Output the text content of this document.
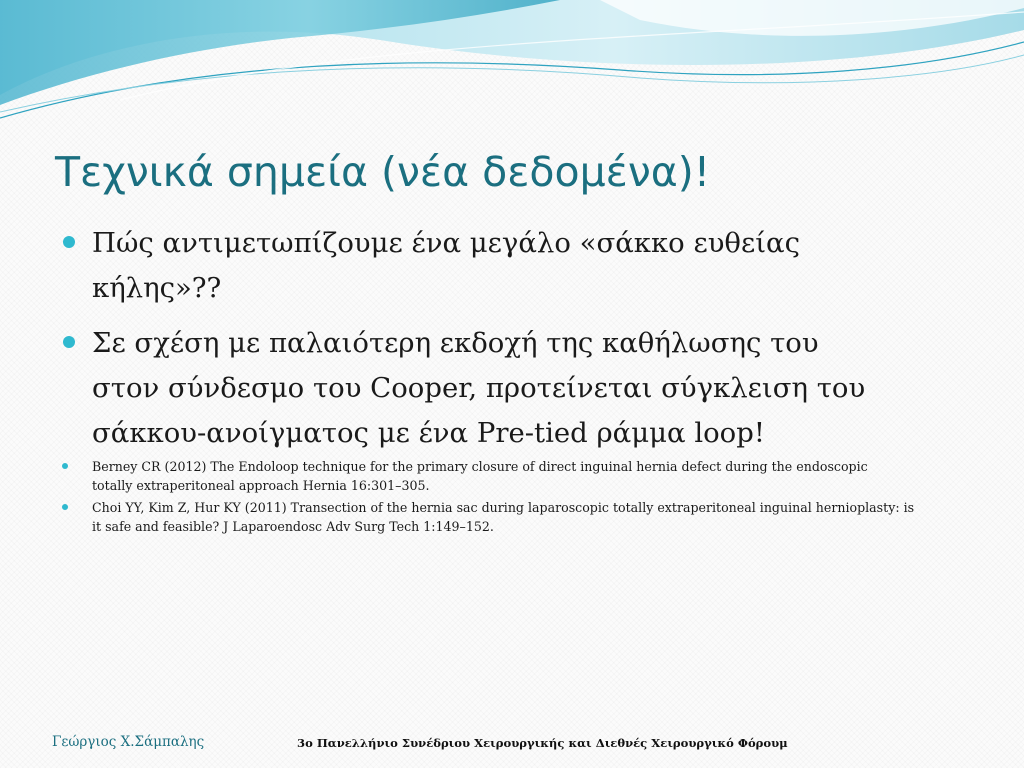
Τεχνικά σημεία (νέα δεδομένα)!

Πώς αντιμετωπίζουμε ένα μεγάλο «σάκκο ευθείας
κήλης»??

Σε σχέση με παλαιότερη εκδοχή της καθήλωσης του
στον σύνδεσμο του Cooper, προτείνεται σύγκλειση του
σάκκου-ανοίγματος με ένα Pre-tied ράμμα loop!

Berney CR (2012) The Endoloop technique for the primary closure of direct inguinal hernia defect during the endoscopic
totally extraperitoneal approach Hernia 16:301–305.

Choi YY, Kim Z, Hur KY (2011) Transection of the hernia sac during laparoscopic totally extraperitoneal inguinal hernioplasty: is
it safe and feasible? J Laparoendosc Adv Surg Tech 1:149–152.

Γεώργιος Χ.Σάμπαλης	3ο Πανελλήνιο Συνέδριου Χειρουργικής και Διεθνές Χειρουργικό Φόρουμ
